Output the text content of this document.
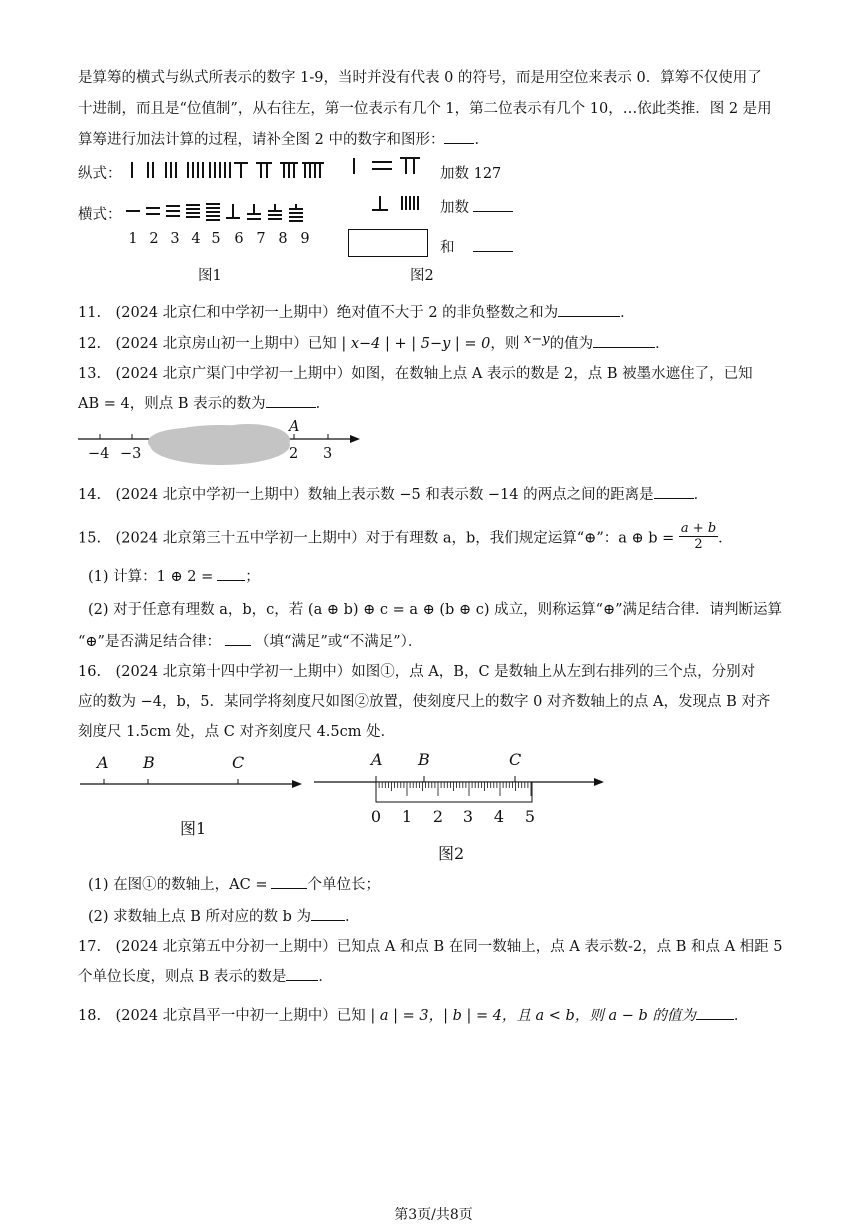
是算筹的横式与纵式所表示的数字 1-9，当时并没有代表 0 的符号，而是用空位来表示 0．算筹不仅使用了
十进制，而且是“位值制”，从右往左，第一位表示有几个 1，第二位表示有几个 10，…依此类推．图 2 是用
算筹进行加法计算的过程，请补全图 2 中的数字和图形： ．
纵式：
横式：
1 2 3 4 5 6 7 8 9
图1
加数 127
加数
和
图2
11.　(2024 北京仁和中学初一上期中）绝对值不大于 2 的非负整数之和为	．
12.　(2024 北京房山初一上期中）已知 | x−4 | + | 5−y | = 0，则 x−y的值为	．
13.　(2024 北京广渠门中学初一上期中）如图，在数轴上点 A 表示的数是 2，点 B 被墨水遮住了，已知
AB = 4，则点 B 表示的数为	．
A
−4 −3	2 3
14.　(2024 北京中学初一上期中）数轴上表示数 −5 和表示数 −14 的两点之间的距离是	．
15.　(2024 北京第三十五中学初一上期中）对于有理数 a，b，我们规定运算“⊕”：a ⊕ $b = \frac{a + b}{2}$ ．
(1) 计算：1 ⊕ 2 = ；
(2) 对于任意有理数 a，b，c，若 (a ⊕ b) ⊕ c = a ⊕ (b ⊕ c) 成立，则称运算“⊕”满足结合律．请判断运算
“⊕”是否满足结合律： （填“满足”或“不满足”）．
16.　(2024 北京第十四中学初一上期中）如图①，点 A，B，C 是数轴上从左到右排列的三个点，分别对
应的数为 −4，b，5．某同学将刻度尺如图②放置，使刻度尺上的数字 0 对齐数轴上的点 A，发现点 B 对齐
刻度尺 1.5cm 处，点 C 对齐刻度尺 4.5cm 处．
A B	C
图1
A B	C
0	1	2	3	4	5
图2
(1) 在图①的数轴上，AC =	个单位长；
(2) 求数轴上点 B 所对应的数 b 为 ．
17.　(2024 北京第五中分初一上期中）已知点 A 和点 B 在同一数轴上，点 A 表示数-2，点 B 和点 A 相距 5
个单位长度，则点 B 表示的数是 ．
18.　(2024 北京昌平一中初一上期中）已知 | a | = 3，| b | = 4，且 a < b，则 a − b 的值为	．
第3页/共8页
